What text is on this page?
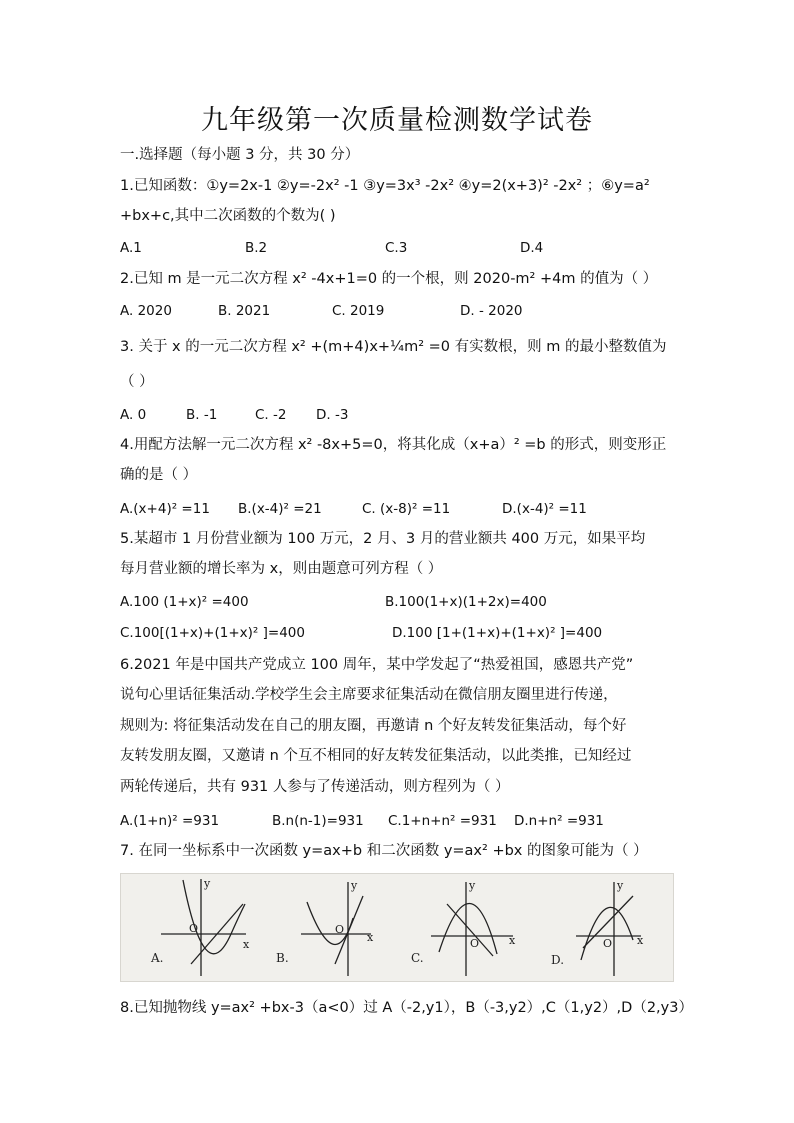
九年级第一次质量检测数学试卷
一.选择题（每小题 3 分，共 30 分）
1.已知函数：①y=2x-1 ②y=-2x² -1 ③y=3x³ -2x² ④y=2(x+3)² -2x² ；⑥y=a²
+bx+c,其中二次函数的个数为( )
A.1	B.2	C.3	D.4
2.已知 m 是一元二次方程 x² -4x+1=0 的一个根，则 2020-m² +4m 的值为（ ）
A. 2020	B. 2021	C. 2019	D. - 2020
3. 关于 x 的一元二次方程 x² +(m+4)x+¼m² =0 有实数根，则 m 的最小整数值为
（ ）
A. 0	B. -1	C. -2 D. -3
4.用配方法解一元二次方程 x² -8x+5=0，将其化成（x+a）² =b 的形式，则变形正
确的是（ ）
A.(x+4)² =11 B.(x-4)² =21	C. (x-8)² =11	D.(x-4)² =11
5.某超市 1 月份营业额为 100 万元，2 月、3 月的营业额共 400 万元，如果平均
每月营业额的增长率为 x，则由题意可列方程（ ）
A.100 (1+x)² =400	B.100(1+x)(1+2x)=400
C.100[(1+x)+(1+x)² ]=400	D.100 [1+(1+x)+(1+x)² ]=400
6.2021 年是中国共产党成立 100 周年，某中学发起了“热爱祖国，感恩共产党”
说句心里话征集活动.学校学生会主席要求征集活动在微信朋友圈里进行传递，
规则为: 将征集活动发在自己的朋友圈，再邀请 n 个好友转发征集活动，每个好
友转发朋友圈，又邀请 n 个互不相同的好友转发征集活动，以此类推，已知经过
两轮传递后，共有 931 人参与了传递活动，则方程列为（ ）
A.(1+n)² =931	B.n(n-1)=931 C.1+n+n² =931 D.n+n² =931
7. 在同一坐标系中一次函数 y=ax+b 和二次函数 y=ax² +bx 的图象可能为（ ）
y
x
O
A.
y
x
O
B.
y
x
O
C.
y
x
O
D.
8.已知抛物线 y=ax² +bx-3（a<0）过 A（-2,y1），B（-3,y2）,C（1,y2）,D（2,y3）
